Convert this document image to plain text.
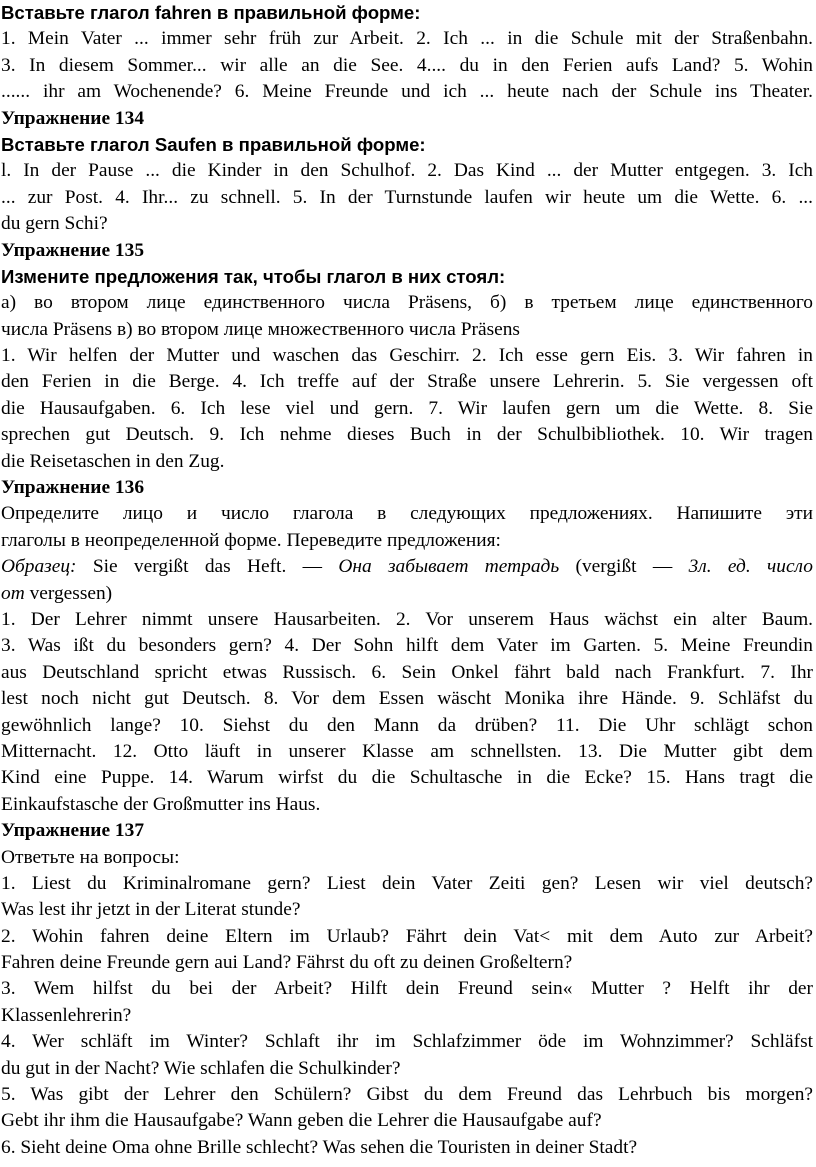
Вставьте глагол fahren в правильной форме:
1. Mein Vater ... immer sehr früh zur Arbeit. 2. Ich ... in die Schule mit der Straßenbahn.
3. In diesem Sommer... wir alle an die See. 4.... du in den Ferien aufs Land? 5. Wohin
...... ihr am Wochenende? 6. Meine Freunde und ich ... heute nach der Schule ins Theater.
Упражнение 134
Вставьте глагол Saufen в правильной форме:
l. In der Pause ... die Kinder in den Schulhof. 2. Das Kind ... der Mutter entgegen. 3. Ich
... zur Post. 4. Ihr... zu schnell. 5. In der Turnstunde laufen wir heute um die Wette. 6. ...
du gern Schi?
Упражнение 135
Измените предложения так, чтобы глагол в них стоял:
а) во втором лице единственного числа Präsens, б) в третьем лице единственного
числа Präsens в) во втором лице множественного числа Präsens
1. Wir helfen der Mutter und waschen das Geschirr. 2. Ich esse gern Eis. 3. Wir fahren in
den Ferien in die Berge. 4. Ich treffe auf der Straße unsere Lehrerin. 5. Sie vergessen oft
die Hausaufgaben. 6. Ich lese viel und gern. 7. Wir laufen gern um die Wette. 8. Sie
sprechen gut Deutsch. 9. Ich nehme dieses Buch in der Schulbibliothek. 10. Wir tragen
die Reisetaschen in den Zug.
Упражнение 136
Определите лицо и число глагола в следующих предложениях. Напишите эти
глаголы в неопределенной форме. Переведите предложения:
Образец: Sie vergißt das Heft. — Она забывает тетрадь (vergißt — 3л. ед. число
от vergessen)
1. Der Lehrer nimmt unsere Hausarbeiten. 2. Vor unserem Haus wächst ein alter Baum.
3. Was ißt du besonders gern? 4. Der Sohn hilft dem Vater im Garten. 5. Meine Freundin
aus Deutschland spricht etwas Russisch. 6. Sein Onkel fährt bald nach Frankfurt. 7. Ihr
lest noch nicht gut Deutsch. 8. Vor dem Essen wäscht Monika ihre Hände. 9. Schläfst du
gewöhnlich lange? 10. Siehst du den Mann da drüben? 11. Die Uhr schlägt schon
Mitternacht. 12. Otto läuft in unserer Klasse am schnellsten. 13. Die Mutter gibt dem
Kind eine Puppe. 14. Warum wirfst du die Schultasche in die Ecke? 15. Hans tragt die
Einkaufstasche der Großmutter ins Haus.
Упражнение 137
Ответьте на вопросы:
1. Liest du Kriminalromane gern? Liest dein Vater Zeiti gen? Lesen wir viel deutsch?
Was lest ihr jetzt in der Literat stunde?
2. Wohin fahren deine Eltern im Urlaub? Fährt dein Vat< mit dem Auto zur Arbeit?
Fahren deine Freunde gern aui Land? Fährst du oft zu deinen Großeltern?
3. Wem hilfst du bei der Arbeit? Hilft dein Freund sein« Mutter ? Helft ihr der
Klassenlehrerin?
4. Wer schläft im Winter? Schlaft ihr im Schlafzimmer öde im Wohnzimmer? Schläfst
du gut in der Nacht? Wie schlafen die Schulkinder?
5. Was gibt der Lehrer den Schülern? Gibst du dem Freund das Lehrbuch bis morgen?
Gebt ihr ihm die Hausaufgabe? Wann geben die Lehrer die Hausaufgabe auf?
6. Sieht deine Oma ohne Brille schlecht? Was sehen die Touristen in deiner Stadt?
